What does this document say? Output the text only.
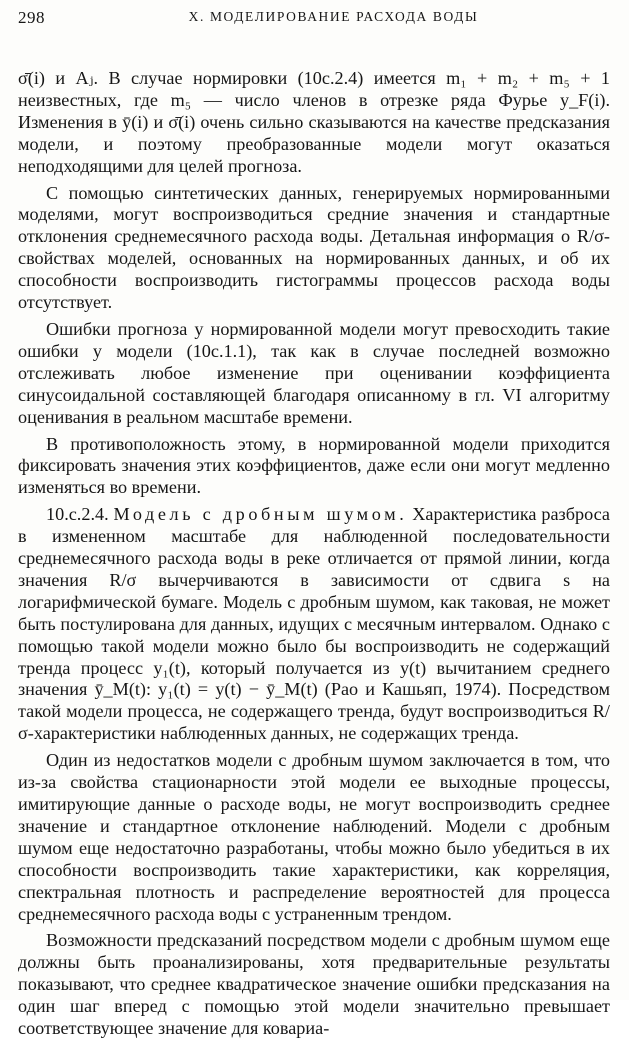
298	X. МОДЕЛИРОВАНИЕ РАСХОДА ВОДЫ

σ̄(i) и Aⱼ. В случае нормировки (10c.2.4) имеется m₁ + m₂ + m₅ + 1 неизвестных, где m₅ — число членов в отрезке ряда Фурье y_F(i). Изменения в ȳ(i) и σ̄(i) очень сильно сказываются на качестве предсказания модели, и поэтому преобразованные модели могут оказаться неподходящими для целей прогноза.

С помощью синтетических данных, генерируемых нормированными моделями, могут воспроизводиться средние значения и стандартные отклонения среднемесячного расхода воды. Детальная информация о R/σ-свойствах моделей, основанных на нормированных данных, и об их способности воспроизводить гистограммы процессов расхода воды отсутствует.

Ошибки прогноза у нормированной модели могут превосходить такие ошибки у модели (10c.1.1), так как в случае последней возможно отслеживать любое изменение при оценивании коэффициента синусоидальной составляющей благодаря описанному в гл. VI алгоритму оценивания в реальном масштабе времени.

В противоположность этому, в нормированной модели приходится фиксировать значения этих коэффициентов, даже если они могут медленно изменяться во времени.

10.c.2.4. Модель с дробным шумом. Характеристика разброса в измененном масштабе для наблюденной последовательности среднемесячного расхода воды в реке отличается от прямой линии, когда значения R/σ вычерчиваются в зависимости от сдвига s на логарифмической бумаге. Модель с дробным шумом, как таковая, не может быть постулирована для данных, идущих с месячным интервалом. Однако с помощью такой модели можно было бы воспроизводить не содержащий тренда процесс y₁(t), который получается из y(t) вычитанием среднего значения ȳ_M(t): y₁(t) = y(t) − ȳ_M(t) (Рао и Кашьяп, 1974). Посредством такой модели процесса, не содержащего тренда, будут воспроизводиться R/σ-характеристики наблюденных данных, не содержащих тренда.

Один из недостатков модели с дробным шумом заключается в том, что из-за свойства стационарности этой модели ее выходные процессы, имитирующие данные о расходе воды, не могут воспроизводить среднее значение и стандартное отклонение наблюдений. Модели с дробным шумом еще недостаточно разработаны, чтобы можно было убедиться в их способности воспроизводить такие характеристики, как корреляция, спектральная плотность и распределение вероятностей для процесса среднемесячного расхода воды с устраненным трендом.

Возможности предсказаний посредством модели с дробным шумом еще должны быть проанализированы, хотя предварительные результаты показывают, что среднее квадратическое значение ошибки предсказания на один шаг вперед с помощью этой модели значительно превышает соответствующее значение для ковариа-
